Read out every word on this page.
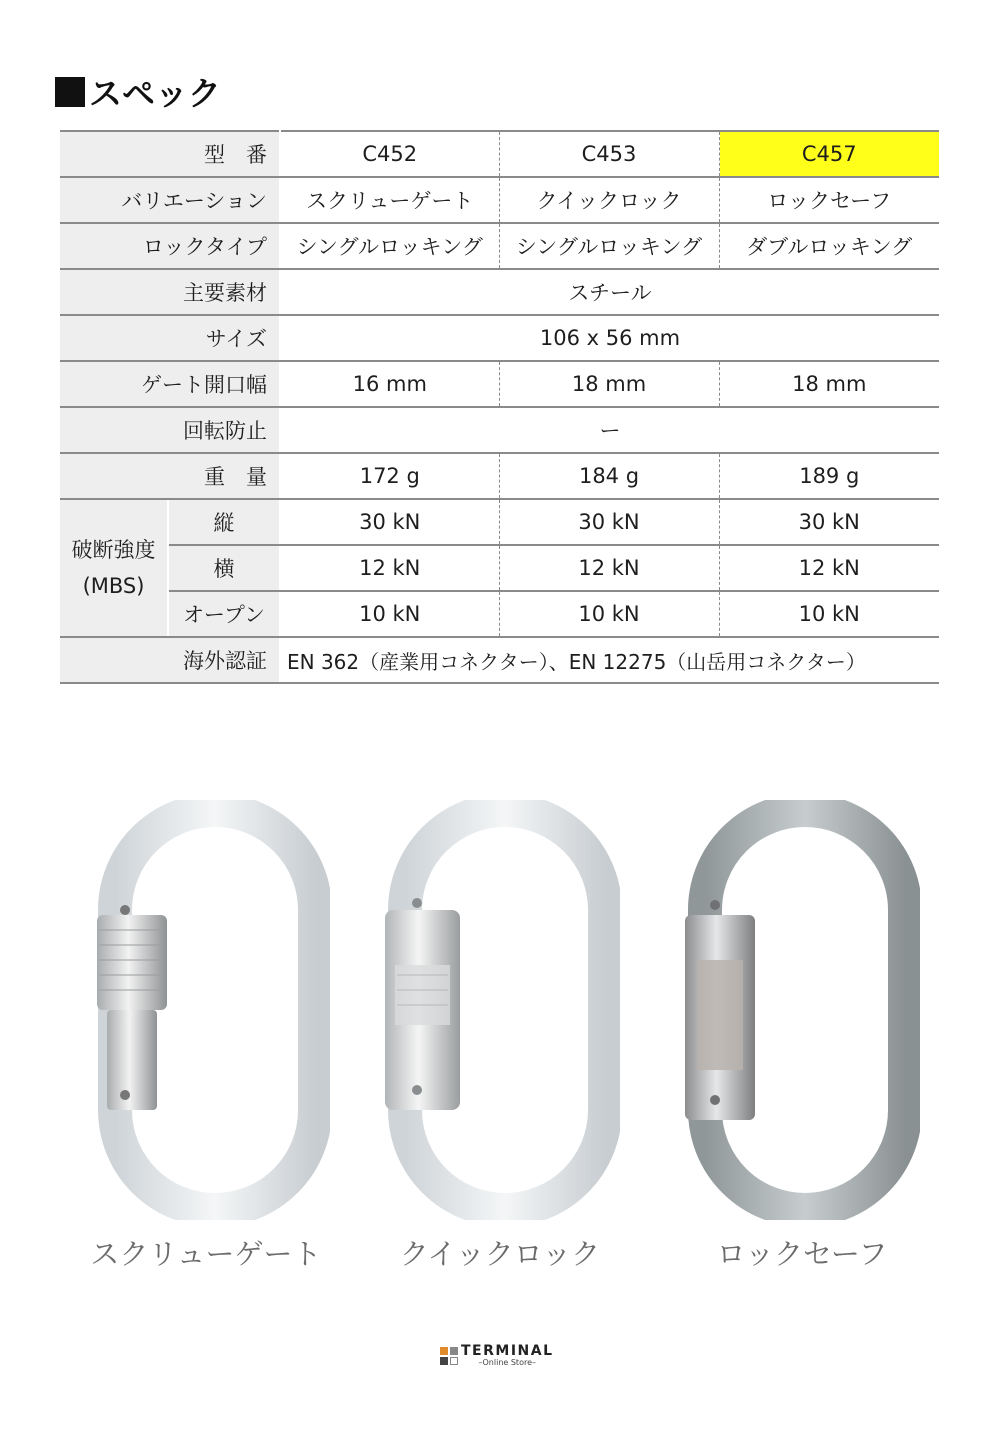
スペック
型　番		C452	C453	C457
バリエーション		スクリューゲート	クイックロック	ロックセーフ
ロックタイプ		シングルロッキング	シングルロッキング	ダブルロッキング
主要素材		スチール		
サイズ		106 x 56 mm		
ゲート開口幅		16 mm	18 mm	18 mm
回転防止		ー		
重　量		172 g	184 g	189 g

破断強度
(MBS)	縦	30 kN	30 kN	30 kN
	横	12 kN	12 kN	12 kN
	オープン	10 kN	10 kN	10 kN
海外認証		EN 362（産業用コネクター）、EN 12275（山岳用コネクター）		
スクリューゲート	クイックロック	ロックセーフ
TERMINAL
–Online Store–
